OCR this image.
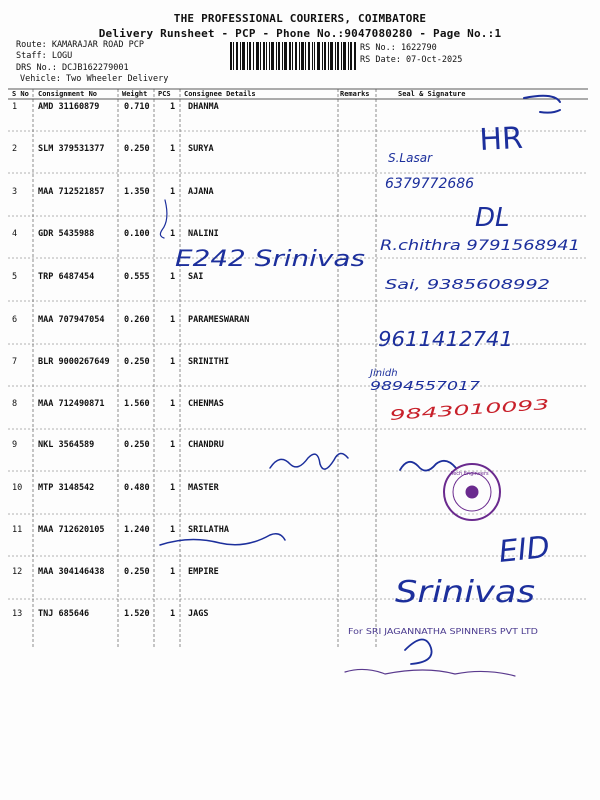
THE PROFESSIONAL COURIERS, COIMBATORE
Delivery Runsheet - PCP - Phone No.:9047080280 - Page No.:1
Route: KAMARAJAR ROAD PCP
Staff: LOGU
DRS No.: DCJB162279001
Vehicle: Two Wheeler Delivery
RS No.: 1622790
RS Date: 07-Oct-2025
S No Consignment No	Weight PCS Consignee Details	Remarks	Seal & Signature
1 AMD 31160879	0.710 1 DHANMA
2 SLM 379531377 0.250 1 SURYA
3 MAA 712521857 1.350 1 AJANA
4 GDR 5435988	0.100 1 NALINI
5 TRP 6487454	0.555 1 SAI
6 MAA 707947054 0.260 1 PARAMESWARAN
7 BLR 9000267649 0.250 1 SRINITHI
8 MAA 712490871 1.560 1 CHENMAS
9 NKL 3564589	0.250 1 CHANDRU
10 MTP 3148542	0.480 1 MASTER
11 MAA 712620105 1.240 1 SRILATHA
12 MAA 304146438 0.250 1 EMPIRE
13 TNJ 685646	1.520 1 JAGS
HR
S.Lasar
6379772686
DL
R.chithra 9791568941
E242 Srinivas
Sai, 9385608992
9611412741
Jinidh
9894557017
EID
Srinivas
9843010093
Tech Engineers
For SRI JAGANNATHA SPINNERS PVT LTD
